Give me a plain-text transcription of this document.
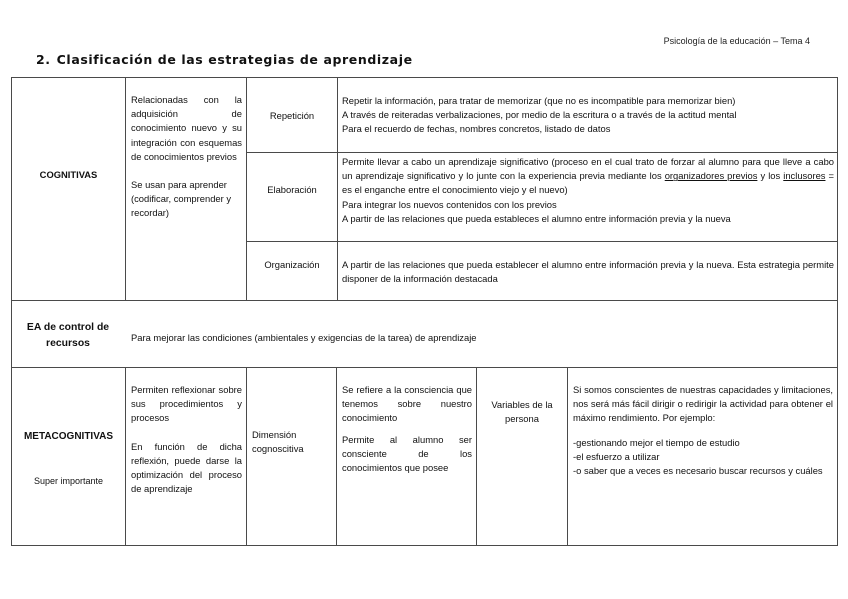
Psicología de la educación – Tema 4
2. Clasificación de las estrategias de aprendizaje
COGNITIVAS

Relacionadas con la adquisición de conocimiento nuevo y su integración con esquemas de conocimientos previos

Se usan para aprender (codificar, comprender y recordar)

Repetición

Repetir la información, para tratar de memorizar (que no es incompatible para memorizar bien)

A través de reiteradas verbalizaciones, por medio de la escritura o a través de la actitud mental

Para el recuerdo de fechas, nombres concretos, listado de datos

Elaboración

Permite llevar a cabo un aprendizaje significativo (proceso en el cual trato de forzar al alumno para que lleve a cabo un aprendizaje significativo y lo junte con la experiencia previa mediante los organizadores previos y los inclusores = es el enganche entre el conocimiento viejo y el nuevo)

Para integrar los nuevos contenidos con los previos

A partir de las relaciones que pueda estableces el alumno entre información previa y la nueva

Organización	A partir de las relaciones que pueda establecer el alumno entre información previa y la nueva. Esta estrategia permite disponer de la información destacada
EA de control de recursos
Para mejorar las condiciones (ambientales y exigencias de la tarea) de aprendizaje
METACOGNITIVAS
Super importante

Permiten reflexionar sobre sus procedimientos y procesos

En función de dicha reflexión, puede darse la optimización del proceso de aprendizaje

Dimensión cognoscitiva

Se refiere a la consciencia que tenemos sobre nuestro conocimiento

Permite al alumno ser consciente de los conocimientos que posee

Variables de la persona

Si somos conscientes de nuestras capacidades y limitaciones, nos será más fácil dirigir o redirigir la actividad para obtener el máximo rendimiento. Por ejemplo:

-gestionando mejor el tiempo de estudio

-el esfuerzo a utilizar

-o saber que a veces es necesario buscar recursos y cuáles
